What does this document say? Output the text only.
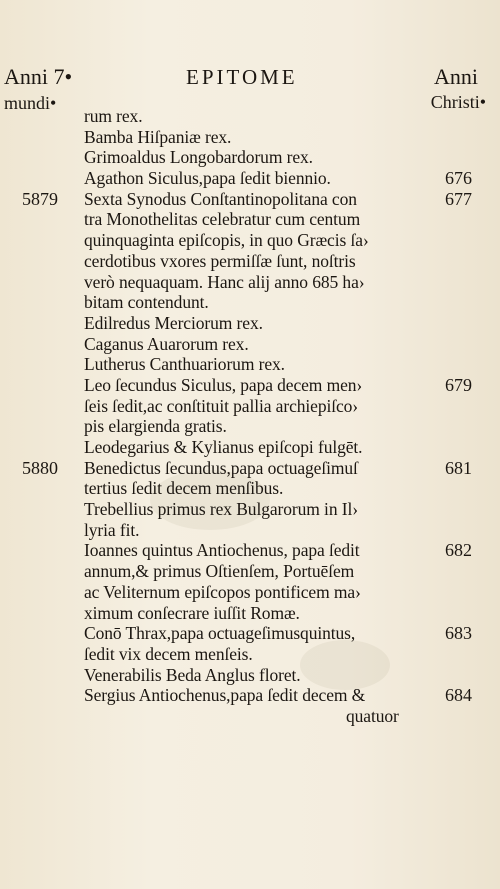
Anni 7•	EPITOME	Anni
mundi•	Christi•
rum rex.
Bamba Hiſpaniæ rex.
Grimoaldus Longobardorum rex.
Agathon Siculus,papa ſedit biennio.	676
5879 Sexta Synodus Conſtantinopolitana con	677
tra Monothelitas celebratur cum centum
quinquaginta epiſcopis, in quo Græcis ſa›
cerdotibus vxores permiſſæ ſunt, noſtris
verò nequaquam. Hanc alij anno 685 ha›
bitam contendunt.
Edilredus Merciorum rex.
Caganus Auarorum rex.
Lutherus Canthuariorum rex.
Leo ſecundus Siculus, papa decem men›	679
ſeis ſedit,ac conſtituit pallia archiepiſco›
pis elargienda gratis.
Leodegarius & Kylianus epiſcopi fulgēt.
5880 Benedictus ſecundus,papa octuageſimuſ	681
tertius ſedit decem menſibus.
Trebellius primus rex Bulgarorum in Il›
lyria fit.
Ioannes quintus Antiochenus, papa ſedit	682
annum,& primus Oſtienſem, Portuēſem
ac Veliternum epiſcopos pontificem ma›
ximum conſecrare iuſſit Romæ.
Conō Thrax,papa octuageſimusquintus,	683
ſedit vix decem menſeis.
Venerabilis Beda Anglus floret.
Sergius Antiochenus,papa ſedit decem &	684
quatuor
